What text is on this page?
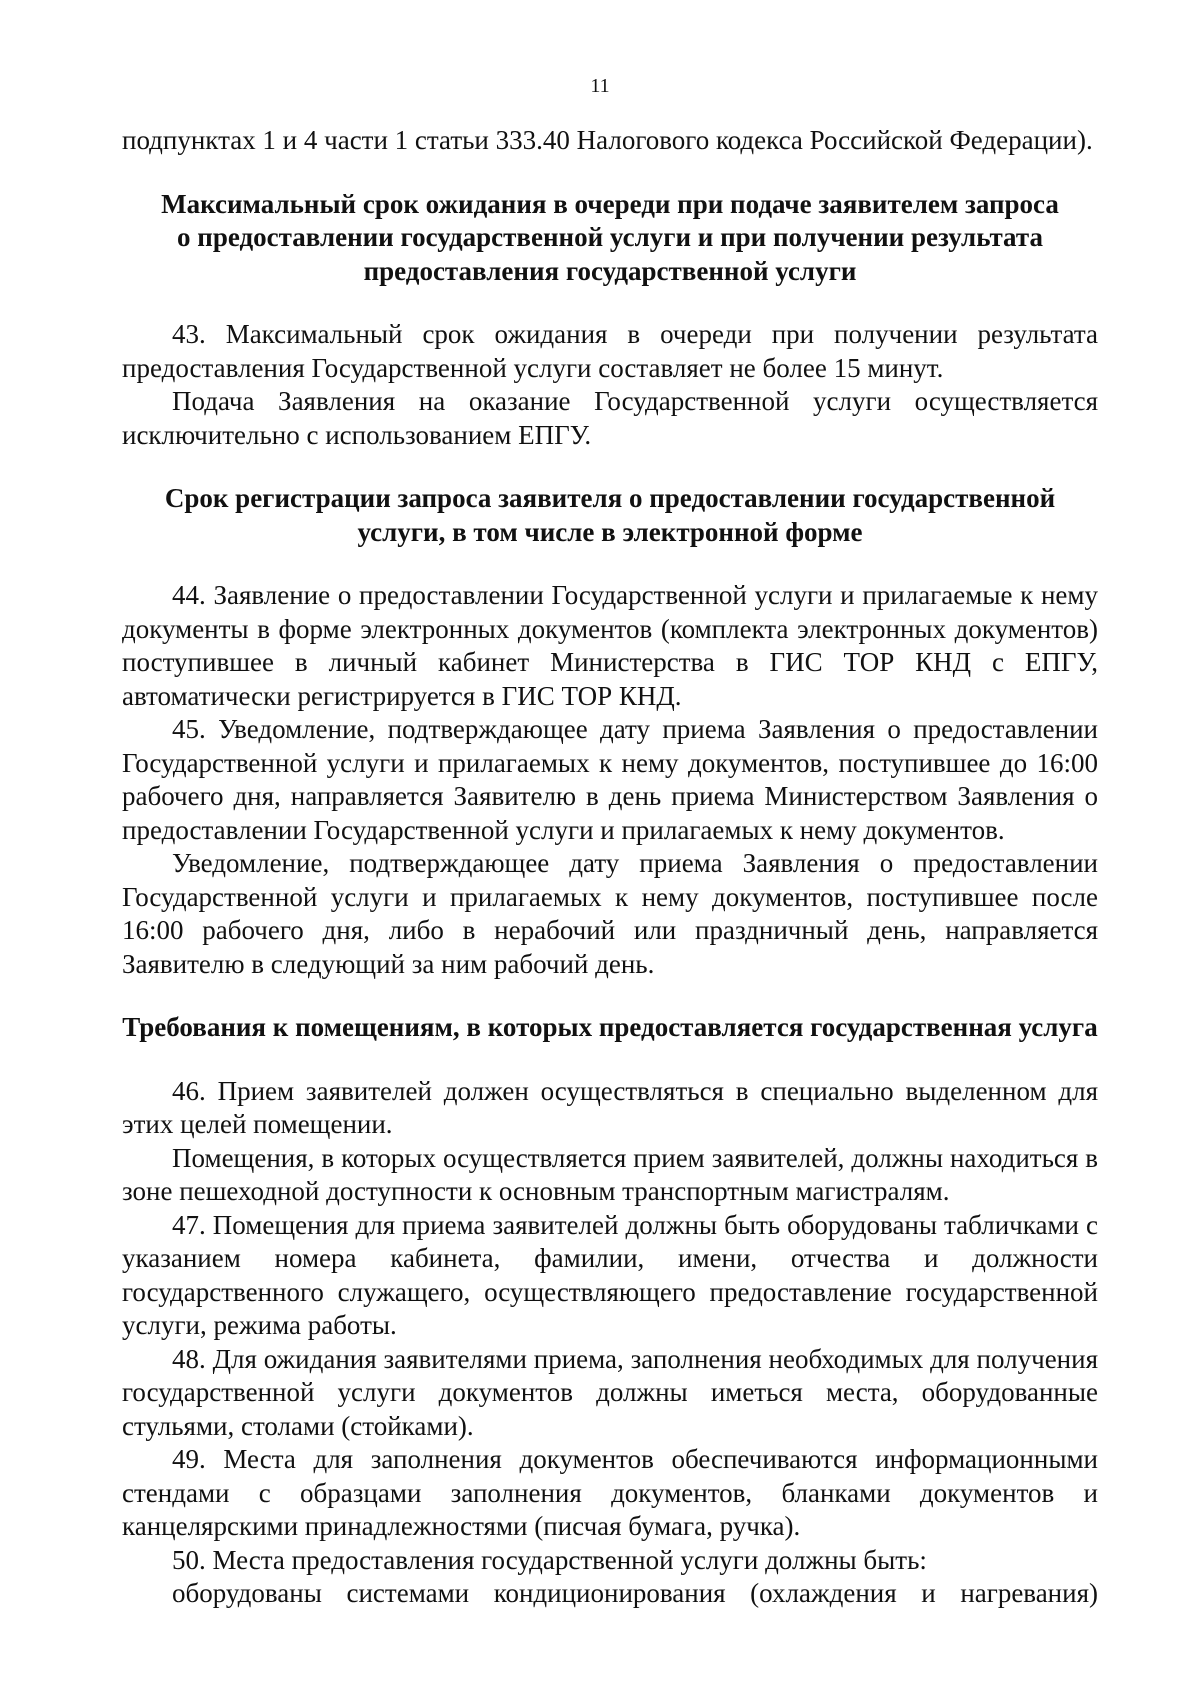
11

подпунктах 1 и 4 части 1 статьи 333.40 Налогового кодекса Российской Федерации).

Максимальный срок ожидания в очереди при подаче заявителем запроса
о предоставлении государственной услуги и при получении результата
предоставления государственной услуги

43. Максимальный срок ожидания в очереди при получении результата предоставления Государственной услуги составляет не более 15 минут.

Подача Заявления на оказание Государственной услуги осуществляется исключительно с использованием ЕПГУ.

Срок регистрации запроса заявителя о предоставлении государственной
услуги, в том числе в электронной форме

44. Заявление о предоставлении Государственной услуги и прилагаемые к нему документы в форме электронных документов (комплекта электронных документов) поступившее в личный кабинет Министерства в ГИС ТОР КНД с ЕПГУ, автоматически регистрируется в ГИС ТОР КНД.

45. Уведомление, подтверждающее дату приема Заявления о предоставлении Государственной услуги и прилагаемых к нему документов, поступившее до 16:00 рабочего дня, направляется Заявителю в день приема Министерством Заявления о предоставлении Государственной услуги и прилагаемых к нему документов.

Уведомление, подтверждающее дату приема Заявления о предоставлении Государственной услуги и прилагаемых к нему документов, поступившее после 16:00 рабочего дня, либо в нерабочий или праздничный день, направляется Заявителю в следующий за ним рабочий день.

Требования к помещениям, в которых предоставляется государственная услуга

46. Прием заявителей должен осуществляться в специально выделенном для этих целей помещении.

Помещения, в которых осуществляется прием заявителей, должны находиться в зоне пешеходной доступности к основным транспортным магистралям.

47. Помещения для приема заявителей должны быть оборудованы табличками с указанием номера кабинета, фамилии, имени, отчества и должности государственного служащего, осуществляющего предоставление государственной услуги, режима работы.

48. Для ожидания заявителями приема, заполнения необходимых для получения государственной услуги документов должны иметься места, оборудованные стульями, столами (стойками).

49. Места для заполнения документов обеспечиваются информационными стендами с образцами заполнения документов, бланками документов и канцелярскими принадлежностями (писчая бумага, ручка).

50. Места предоставления государственной услуги должны быть:

оборудованы системами кондиционирования (охлаждения и нагревания)
